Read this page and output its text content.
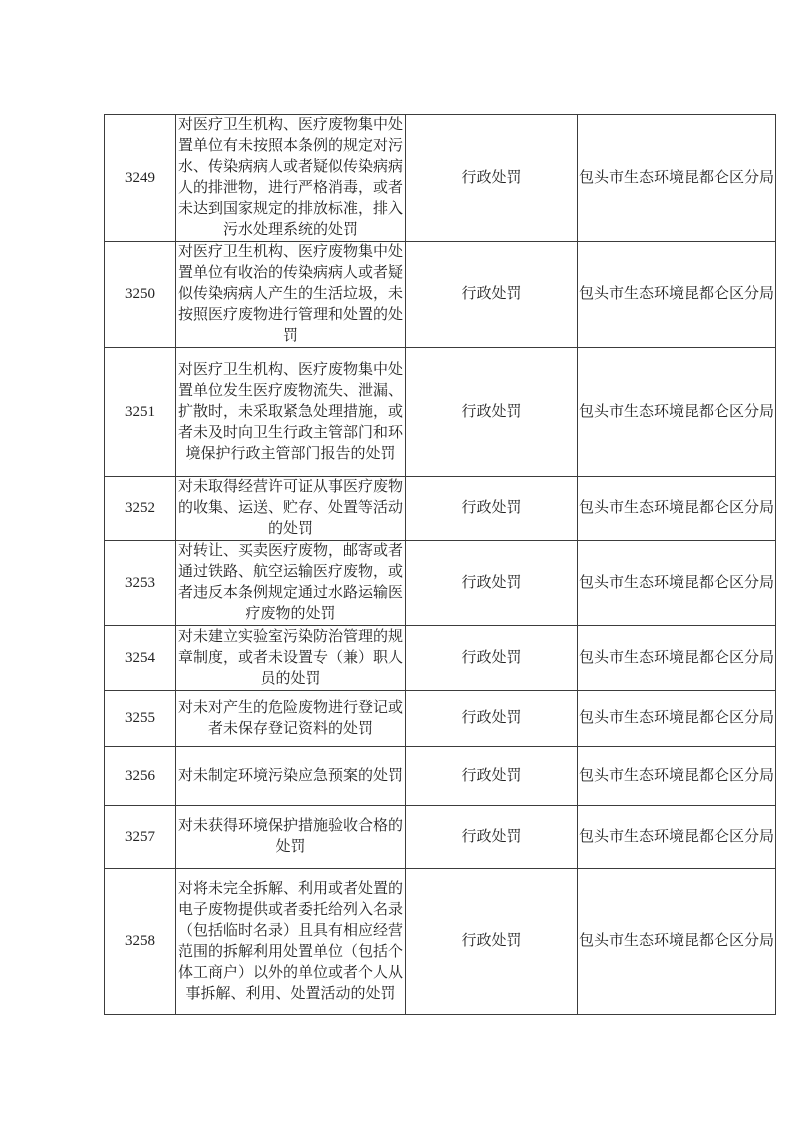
3249	对医疗卫生机构、医疗废物集中处置单位有未按照本条例的规定对污水、传染病病人或者疑似传染病病人的排泄物，进行严格消毒，或者未达到国家规定的排放标准，排入污水处理系统的处罚	行政处罚	包头市生态环境昆都仑区分局
3250	对医疗卫生机构、医疗废物集中处置单位有收治的传染病病人或者疑似传染病病人产生的生活垃圾，未按照医疗废物进行管理和处置的处罚	行政处罚	包头市生态环境昆都仑区分局
3251	对医疗卫生机构、医疗废物集中处置单位发生医疗废物流失、泄漏、扩散时，未采取紧急处理措施，或者未及时向卫生行政主管部门和环境保护行政主管部门报告的处罚	行政处罚	包头市生态环境昆都仑区分局
3252	对未取得经营许可证从事医疗废物的收集、运送、贮存、处置等活动的处罚	行政处罚	包头市生态环境昆都仑区分局
3253	对转让、买卖医疗废物，邮寄或者通过铁路、航空运输医疗废物，或者违反本条例规定通过水路运输医疗废物的处罚	行政处罚	包头市生态环境昆都仑区分局
3254	对未建立实验室污染防治管理的规章制度，或者未设置专（兼）职人员的处罚	行政处罚	包头市生态环境昆都仑区分局
3255	对未对产生的危险废物进行登记或者未保存登记资料的处罚	行政处罚	包头市生态环境昆都仑区分局
3256	对未制定环境污染应急预案的处罚	行政处罚	包头市生态环境昆都仑区分局
3257	对未获得环境保护措施验收合格的处罚	行政处罚	包头市生态环境昆都仑区分局
3258	对将未完全拆解、利用或者处置的电子废物提供或者委托给列入名录（包括临时名录）且具有相应经营范围的拆解利用处置单位（包括个体工商户）以外的单位或者个人从事拆解、利用、处置活动的处罚	行政处罚	包头市生态环境昆都仑区分局
